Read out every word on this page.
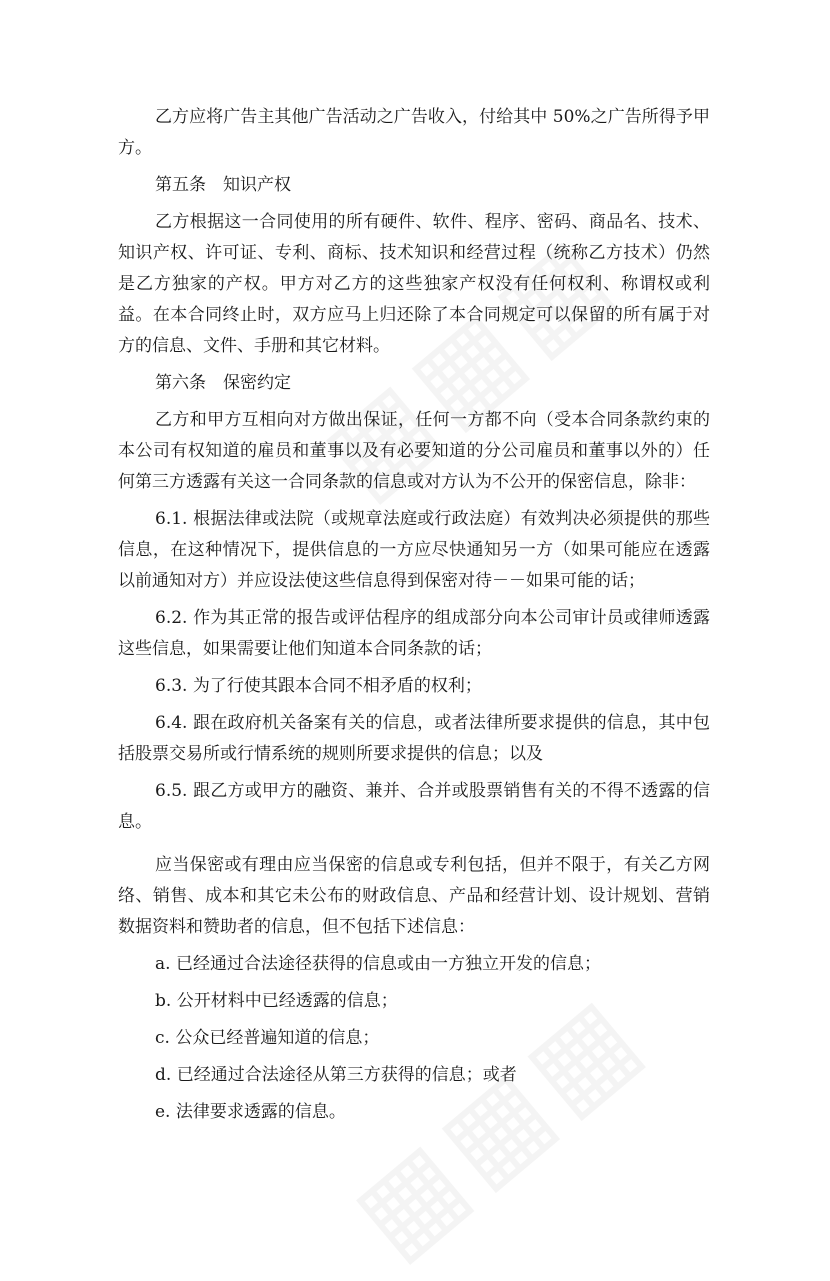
乙方应将广告主其他广告活动之广告收入，付给其中 50%之广告所得予甲方。

第五条　知识产权

乙方根据这一合同使用的所有硬件、软件、程序、密码、商品名、技术、知识产权、许可证、专利、商标、技术知识和经营过程（统称乙方技术）仍然是乙方独家的产权。甲方对乙方的这些独家产权没有任何权利、称谓权或利益。在本合同终止时，双方应马上归还除了本合同规定可以保留的所有属于对方的信息、文件、手册和其它材料。

第六条　保密约定

乙方和甲方互相向对方做出保证，任何一方都不向（受本合同条款约束的本公司有权知道的雇员和董事以及有必要知道的分公司雇员和董事以外的）任何第三方透露有关这一合同条款的信息或对方认为不公开的保密信息，除非：

6.1. 根据法律或法院（或规章法庭或行政法庭）有效判决必须提供的那些信息，在这种情况下，提供信息的一方应尽快通知另一方（如果可能应在透露以前通知对方）并应设法使这些信息得到保密对待－－如果可能的话；

6.2. 作为其正常的报告或评估程序的组成部分向本公司审计员或律师透露这些信息，如果需要让他们知道本合同条款的话；

6.3. 为了行使其跟本合同不相矛盾的权利；

6.4. 跟在政府机关备案有关的信息，或者法律所要求提供的信息，其中包括股票交易所或行情系统的规则所要求提供的信息；以及

6.5. 跟乙方或甲方的融资、兼并、合并或股票销售有关的不得不透露的信息。

应当保密或有理由应当保密的信息或专利包括，但并不限于，有关乙方网络、销售、成本和其它未公布的财政信息、产品和经营计划、设计规划、营销数据资料和赞助者的信息，但不包括下述信息：

a. 已经通过合法途径获得的信息或由一方独立开发的信息；

b. 公开材料中已经透露的信息；

c. 公众已经普遍知道的信息；

d. 已经通过合法途径从第三方获得的信息；或者

e. 法律要求透露的信息。
